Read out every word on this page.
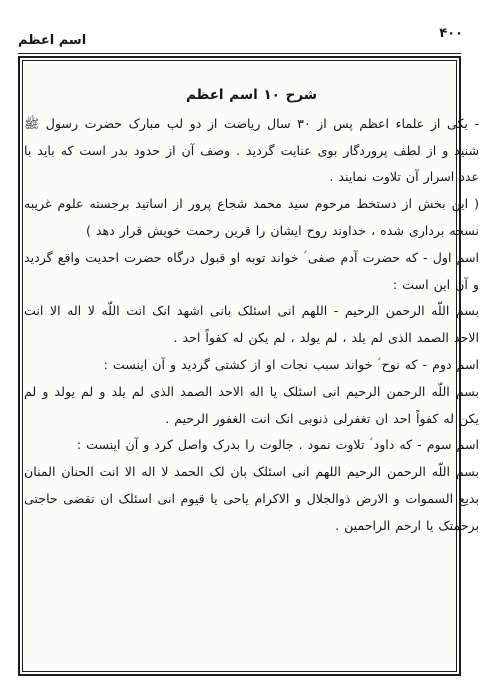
۴۰۰
اسم اعظم
شرح ۱۰ اسم اعظم

- یکی از علماء اعظم پس از ۳۰ سال ریاضت از دو لب مبارک حضرت رسول ﷺ شنید و از لطف پروردگار بوی عنایت گردید . وصف آن از حدود بدر است که باید با عدد اسرار آن تلاوت نمایند .

( این بخش از دستخط مرحوم سید محمد شجاع پرور از اساتید برجسته علوم غریبه نسخه برداری شده ، خداوند روح ایشان را قرین رحمت خویش قرار دهد )

اسم اول - که حضرت آدم صفی ؑ خواند توبه او قبول درگاه حضرت احدیت واقع گردید و آن این است :

بسم اللّه الرحمن الرحیم - اللهم انی اسئلک بانی اشهد انک انت اللّه لا اله الا انت الاحد الصمد الذی لم یلد ، لم یولد ، لم یکن له کفواً احد .

اسم دوم - که نوح ؑ خواند سبب نجات او از کشتی گردید و آن اینست :

بسم اللّه الرحمن الرحیم انی اسئلک یا اله الاحد الصمد الذی لم یلد و لم یولد و لم یکن له کفواً احد ان تغفرلی ذنوبی انک انت الغفور الرحیم .

اسم سوم - که داود ؑ تلاوت نمود . جالوت را بدرک واصل کرد و آن اینست :

بسم اللّه الرحمن الرحیم اللهم انی اسئلک بان لک الحمد لا اله الا انت الحنان المنان بدیع السموات و الارض ذوالجلال و الاکرام یاحی یا قیوم انی اسئلک ان تقضی حاجتی برحمتک یا ارحم الراحمین .
